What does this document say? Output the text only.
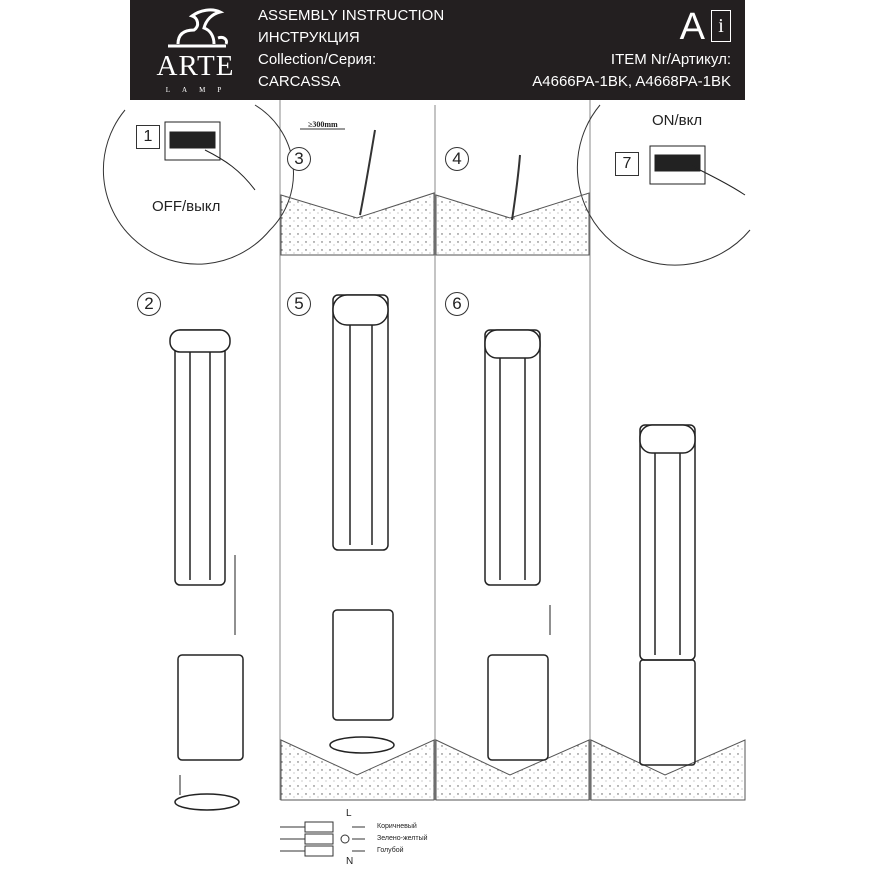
ARTE
LAMP
ASSEMBLY INSTRUCTION
ИНСТРУКЦИЯ
Collection/Серия:
CARCASSA
A i
ITEM Nr/Артикул:
A4666PA-1BK, A4668PA-1BK
1
OFF/выкл
2
3
≥300mm
4
5	6
ON/вкл
7
L
N
Коричневый
Зелено-желтый
Голубой
